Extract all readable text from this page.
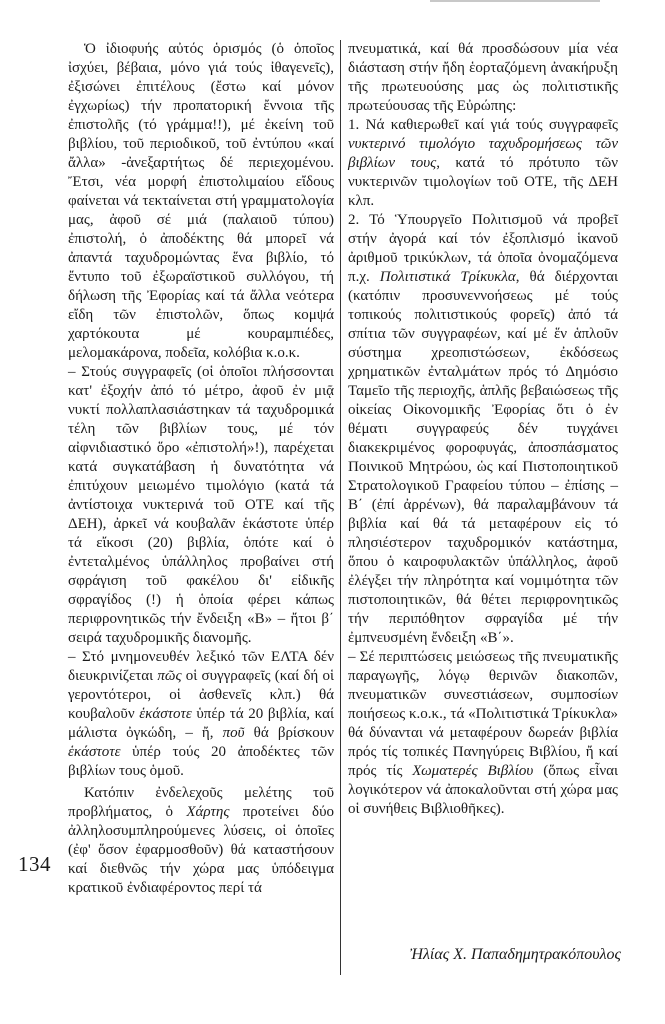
134

Ὁ ἰδιοφυής αὐτός ὁρισμός (ὁ ὁποῖος ἰσχύει, βέβαια, μόνο γιά τούς ἰθαγενεῖς), ἐξισώνει ἐπιτέλους (ἔστω καί μόνον ἐγχωρίως) τήν προπατορική ἔννοια τῆς ἐπιστολῆς (τό γράμμα!!), μέ ἐκείνη τοῦ βιβλίου, τοῦ περιοδικοῦ, τοῦ ἐντύπου «καί ἄλλα» -ἀνεξαρτήτως δέ περιεχομένου. Ἔτσι, νέα μορφή ἐπιστολιμαίου εἴδους φαίνεται νά τεκταίνεται στή γραμματολογία μας, ἀφοῦ σέ μιά (παλαιοῦ τύπου) ἐπιστολή, ὁ ἀποδέκτης θά μπορεῖ νά ἀπαντά ταχυδρομώντας ἕνα βιβλίο, τό ἔντυπο τοῦ ἐξωραϊστικοῦ συλλόγου, τή δήλωση τῆς Ἐφορίας καί τά ἄλλα νεότερα εἴδη τῶν ἐπιστολῶν, ὅπως κομψά χαρτόκουτα μέ κουραμπιέδες, μελομακάρονα, ποδεῖα, κολόβια κ.ο.κ.

– Στούς συγγραφεῖς (οἱ ὁποῖοι πλήσσονται κατ' ἐξοχήν ἀπό τό μέτρο, ἀφοῦ ἐν μιᾷ νυκτί πολλαπλασιάστηκαν τά ταχυδρομικά τέλη τῶν βιβλίων τους, μέ τόν αἰφνιδιαστικό ὅρο «ἐπιστολή»!), παρέχεται κατά συγκατάβαση ἡ δυνατότητα νά ἐπιτύχουν μειωμένο τιμολόγιο (κατά τά ἀντίστοιχα νυκτερινά τοῦ ΟΤΕ καί τῆς ΔΕΗ), ἀρκεῖ νά κουβαλᾶν ἑκάστοτε ὑπέρ τά εἴκοσι (20) βιβλία, ὁπότε καί ὁ ἐντεταλμένος ὑπάλληλος προβαίνει στή σφράγιση τοῦ φακέλου δι' εἰδικῆς σφραγίδος (!) ἡ ὁποία φέρει κάπως περιφρονητικῶς τήν ἔνδειξη «Β» – ἤτοι β΄ σειρά ταχυδρομικῆς διανομῆς.

– Στό μνημονευθέν λεξικό τῶν ΕΛΤΑ δέν διευκρινίζεται πῶς οἱ συγγραφεῖς (καί δή οἱ γεροντότεροι, οἱ ἀσθενεῖς κλπ.) θά κουβαλοῦν ἑκάστοτε ὑπέρ τά 20 βιβλία, καί μάλιστα ὀγκώδη, – ἤ, ποῦ θά βρίσκουν ἑκάστοτε ὑπέρ τούς 20 ἀποδέκτες τῶν βιβλίων τους ὁμοῦ.

Κατόπιν ἐνδελεχοῦς μελέτης τοῦ προβλήματος, ὁ Χάρτης προτείνει δύο ἀλληλοσυμπληρούμενες λύσεις, οἱ ὁποῖες (ἐφ' ὅσον ἐφαρμοσθοῦν) θά καταστήσουν καί διεθνῶς τήν χώρα μας ὑπόδειγμα κρατικοῦ ἐνδιαφέροντος περί τά

πνευματικά, καί θά προσδώσουν μία νέα διάσταση στήν ἤδη ἑορταζόμενη ἀνακήρυξη τῆς πρωτευούσης μας ὡς πολιτιστικῆς πρωτεύουσας τῆς Εὐρώπης:

1. Νά καθιερωθεῖ καί γιά τούς συγγραφεῖς νυκτερινό τιμολόγιο ταχυδρομήσεως τῶν βιβλίων τους, κατά τό πρότυπο τῶν νυκτερινῶν τιμολογίων τοῦ ΟΤΕ, τῆς ΔΕΗ κλπ.

2. Τό Ὑπουργεῖο Πολιτισμοῦ νά προβεῖ στήν ἀγορά καί τόν ἐξοπλισμό ἱκανοῦ ἀριθμοῦ τρικύκλων, τά ὁποῖα ὀνομαζόμενα π.χ. Πολιτιστικά Τρίκυκλα, θά διέρχονται (κατόπιν προσυνεννοήσεως μέ τούς τοπικούς πολιτιστικούς φορεῖς) ἀπό τά σπίτια τῶν συγγραφέων, καί μέ ἕν ἁπλοῦν σύστημα χρεοπιστώσεων, ἐκδόσεως χρηματικῶν ἐνταλμάτων πρός τό Δημόσιο Ταμεῖο τῆς περιοχῆς, ἁπλῆς βεβαιώσεως τῆς οἰκείας Οἰκονομικῆς Ἐφορίας ὅτι ὁ ἐν θέματι συγγραφεύς δέν τυγχάνει διακεκριμένος φοροφυγάς, ἀποσπάσματος Ποινικοῦ Μητρώου, ὡς καί Πιστοποιητικοῦ Στρατολογικοῦ Γραφείου τύπου – ἐπίσης – Β΄ (ἐπί ἀρρένων), θά παραλαμβάνουν τά βιβλία καί θά τά μεταφέρουν εἰς τό πλησιέστερον ταχυδρομικόν κατάστημα, ὅπου ὁ καιροφυλακτῶν ὑπάλληλος, ἀφοῦ ἐλέγξει τήν πληρότητα καί νομιμότητα τῶν πιστοποιητικῶν, θά θέτει περιφρονητικῶς τήν περιπόθητον σφραγίδα μέ τήν ἐμπνευσμένη ἔνδειξη «Β΄».

– Σέ περιπτώσεις μειώσεως τῆς πνευματικῆς παραγωγῆς, λόγῳ θερινῶν διακοπῶν, πνευματικῶν συνεστιάσεων, συμποσίων ποιήσεως κ.ο.κ., τά «Πολιτιστικά Τρίκυκλα» θά δύνανται νά μεταφέρουν δωρεάν βιβλία πρός τίς τοπικές Πανηγύρεις Βιβλίου, ἤ καί πρός τίς Χωματερές Βιβλίου (ὅπως εἶναι λογικότερον νά ἀποκαλοῦνται στή χώρα μας οἱ συνήθεις Βιβλιοθῆκες).

Ἠλίας Χ. Παπαδημητρακόπουλος
